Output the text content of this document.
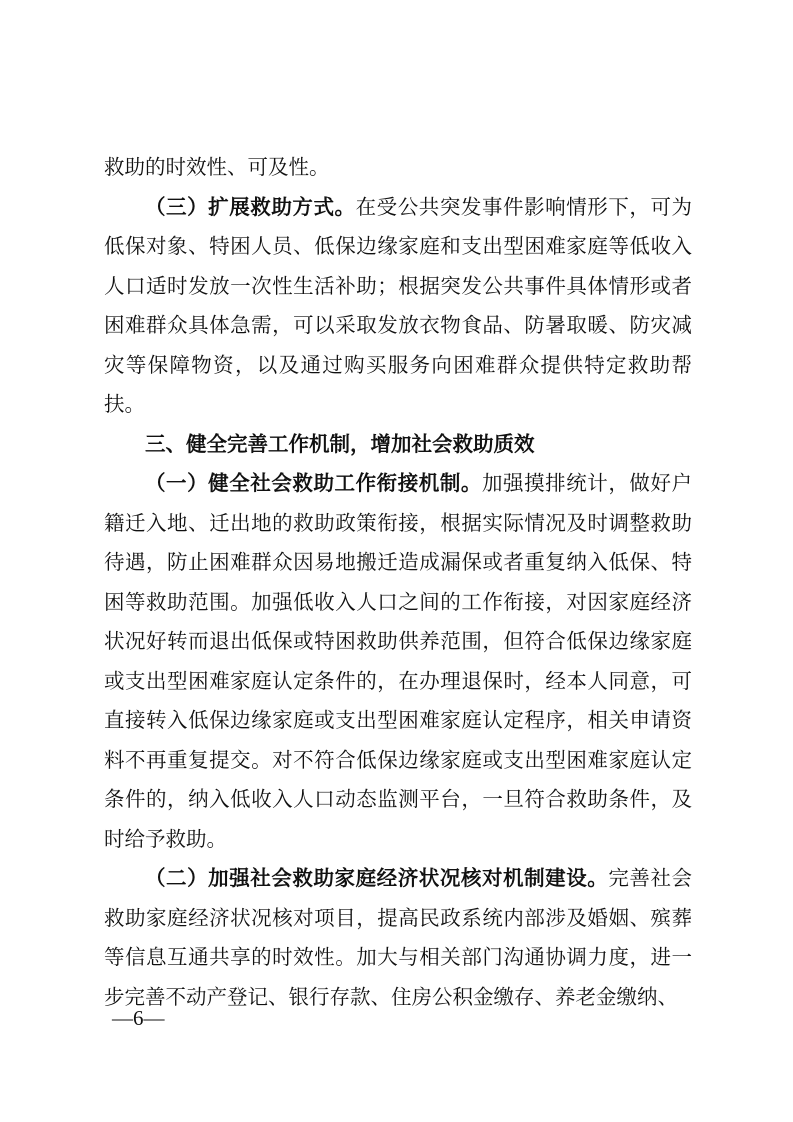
救助的时效性、可及性。

（三）扩展救助方式。在受公共突发事件影响情形下，可为低保对象、特困人员、低保边缘家庭和支出型困难家庭等低收入人口适时发放一次性生活补助；根据突发公共事件具体情形或者困难群众具体急需，可以采取发放衣物食品、防暑取暖、防灾减灾等保障物资，以及通过购买服务向困难群众提供特定救助帮扶。

三、健全完善工作机制，增加社会救助质效

（一）健全社会救助工作衔接机制。加强摸排统计，做好户籍迁入地、迁出地的救助政策衔接，根据实际情况及时调整救助待遇，防止困难群众因易地搬迁造成漏保或者重复纳入低保、特困等救助范围。加强低收入人口之间的工作衔接，对因家庭经济状况好转而退出低保或特困救助供养范围，但符合低保边缘家庭或支出型困难家庭认定条件的，在办理退保时，经本人同意，可直接转入低保边缘家庭或支出型困难家庭认定程序，相关申请资料不再重复提交。对不符合低保边缘家庭或支出型困难家庭认定条件的，纳入低收入人口动态监测平台，一旦符合救助条件，及时给予救助。

（二）加强社会救助家庭经济状况核对机制建设。完善社会救助家庭经济状况核对项目，提高民政系统内部涉及婚姻、殡葬等信息互通共享的时效性。加大与相关部门沟通协调力度，进一步完善不动产登记、银行存款、住房公积金缴存、养老金缴纳、

—6—
